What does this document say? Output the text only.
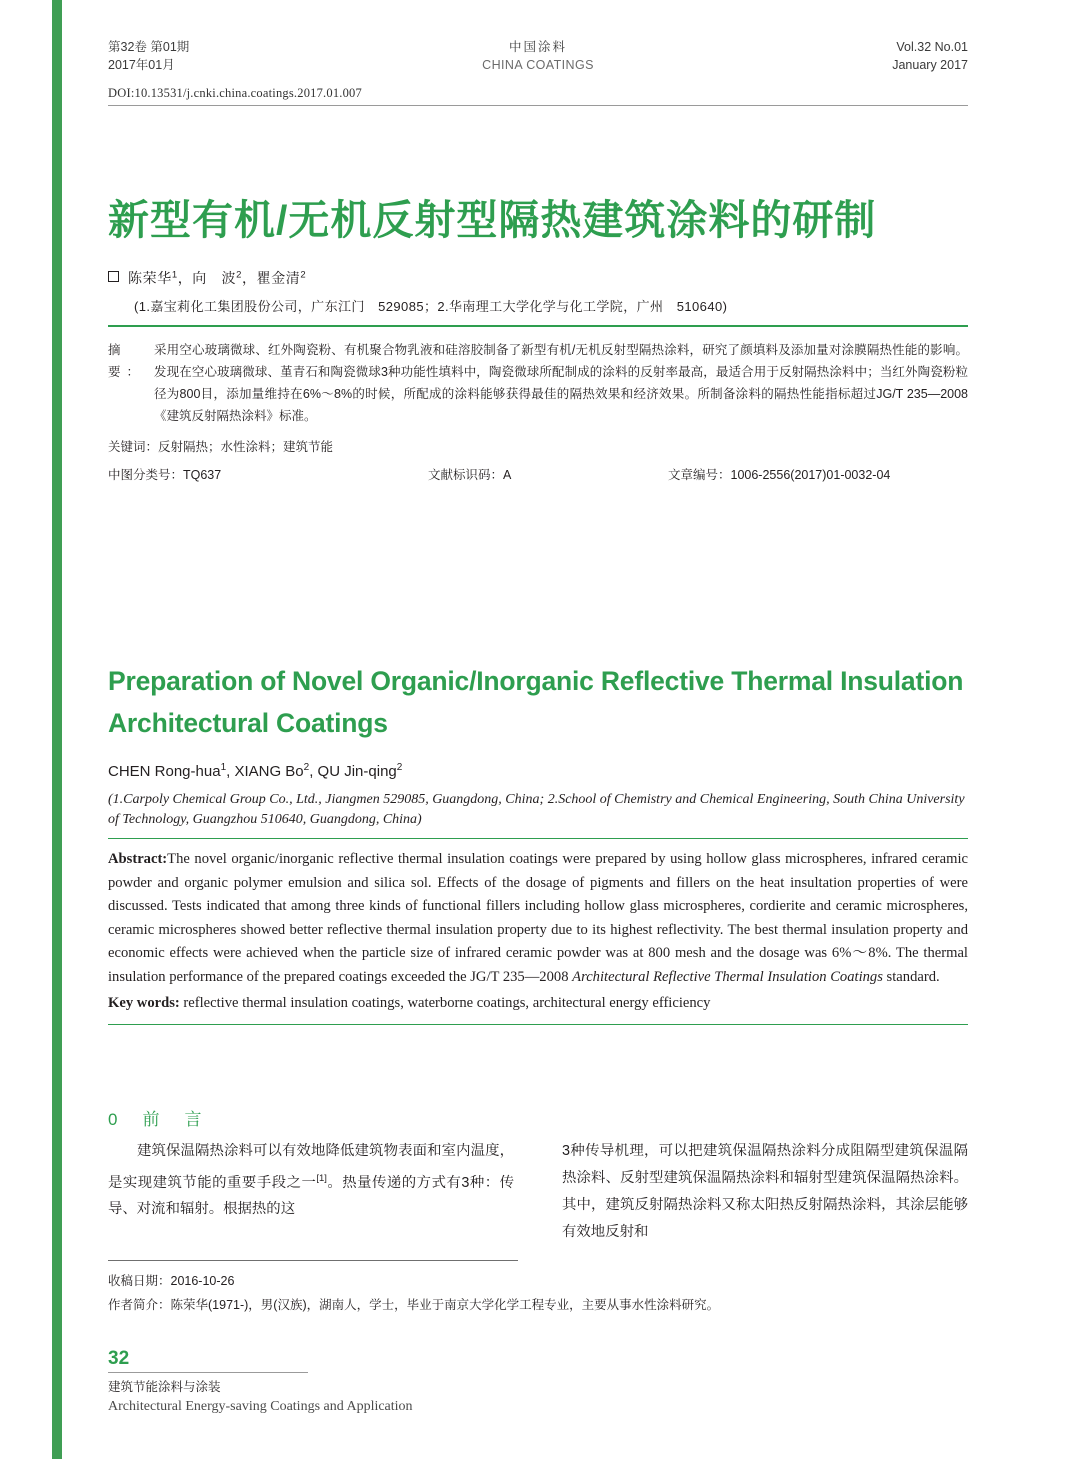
第32卷 第01期
2017年01月
中国涂料
CHINA COATINGS
Vol.32 No.01
January 2017
DOI:10.13531/j.cnki.china.coatings.2017.01.007
新型有机/无机反射型隔热建筑涂料的研制
陈荣华$^1$，向　波$^2$，瞿金清$^2$
(1.嘉宝莉化工集团股份公司，广东江门　529085；2.华南理工大学化学与化工学院，广州　510640)
摘　要：
采用空心玻璃微球、红外陶瓷粉、有机聚合物乳液和硅溶胶制备了新型有机/无机反射型隔热涂料，研究了颜填料及添加量对涂膜隔热性能的影响。发现在空心玻璃微球、堇青石和陶瓷微球3种功能性填料中，陶瓷微球所配制成的涂料的反射率最高，最适合用于反射隔热涂料中；当红外陶瓷粉粒径为800目，添加量维持在6%～8%的时候，所配成的涂料能够获得最佳的隔热效果和经济效果。所制备涂料的隔热性能指标超过JG/T 235—2008《建筑反射隔热涂料》标准。
关键词：反射隔热；水性涂料；建筑节能
中图分类号：TQ637	文献标识码：A	文章编号：1006-2556(2017)01-0032-04
Preparation of Novel Organic/Inorganic Reflective Thermal Insulation Architectural Coatings
CHEN Rong-hua$^1$, XIANG Bo$^2$, QU Jin-qing$^2$
(1.Carpoly Chemical Group Co., Ltd., Jiangmen 529085, Guangdong, China; 2.School of Chemistry and Chemical Engineering, South China University of Technology, Guangzhou 510640, Guangdong, China)
Abstract:The novel organic/inorganic reflective thermal insulation coatings were prepared by using hollow glass microspheres, infrared ceramic powder and organic polymer emulsion and silica sol. Effects of the dosage of pigments and fillers on the heat insultation properties of were discussed. Tests indicated that among three kinds of functional fillers including hollow glass microspheres, cordierite and ceramic microspheres, ceramic microspheres showed better reflective thermal insulation property due to its highest reflectivity. The best thermal insulation property and economic effects were achieved when the particle size of infrared ceramic powder was at 800 mesh and the dosage was 6%～8%. The thermal insulation performance of the prepared coatings exceeded the JG/T 235—2008 Architectural Reflective Thermal Insulation Coatings standard.
Key words: reflective thermal insulation coatings, waterborne coatings, architectural energy efficiency
0　前　言

建筑保温隔热涂料可以有效地降低建筑物表面和室内温度，是实现建筑节能的重要手段之一[1]。热量传递的方式有3种：传导、对流和辐射。根据热的这

3种传导机理，可以把建筑保温隔热涂料分成阻隔型建筑保温隔热涂料、反射型建筑保温隔热涂料和辐射型建筑保温隔热涂料。其中，建筑反射隔热涂料又称太阳热反射隔热涂料，其涂层能够有效地反射和

收稿日期：2016-10-26
作者简介：陈荣华(1971-)，男(汉族)，湖南人，学士，毕业于南京大学化学工程专业，主要从事水性涂料研究。
32
建筑节能涂料与涂装
Architectural Energy-saving Coatings and Application
